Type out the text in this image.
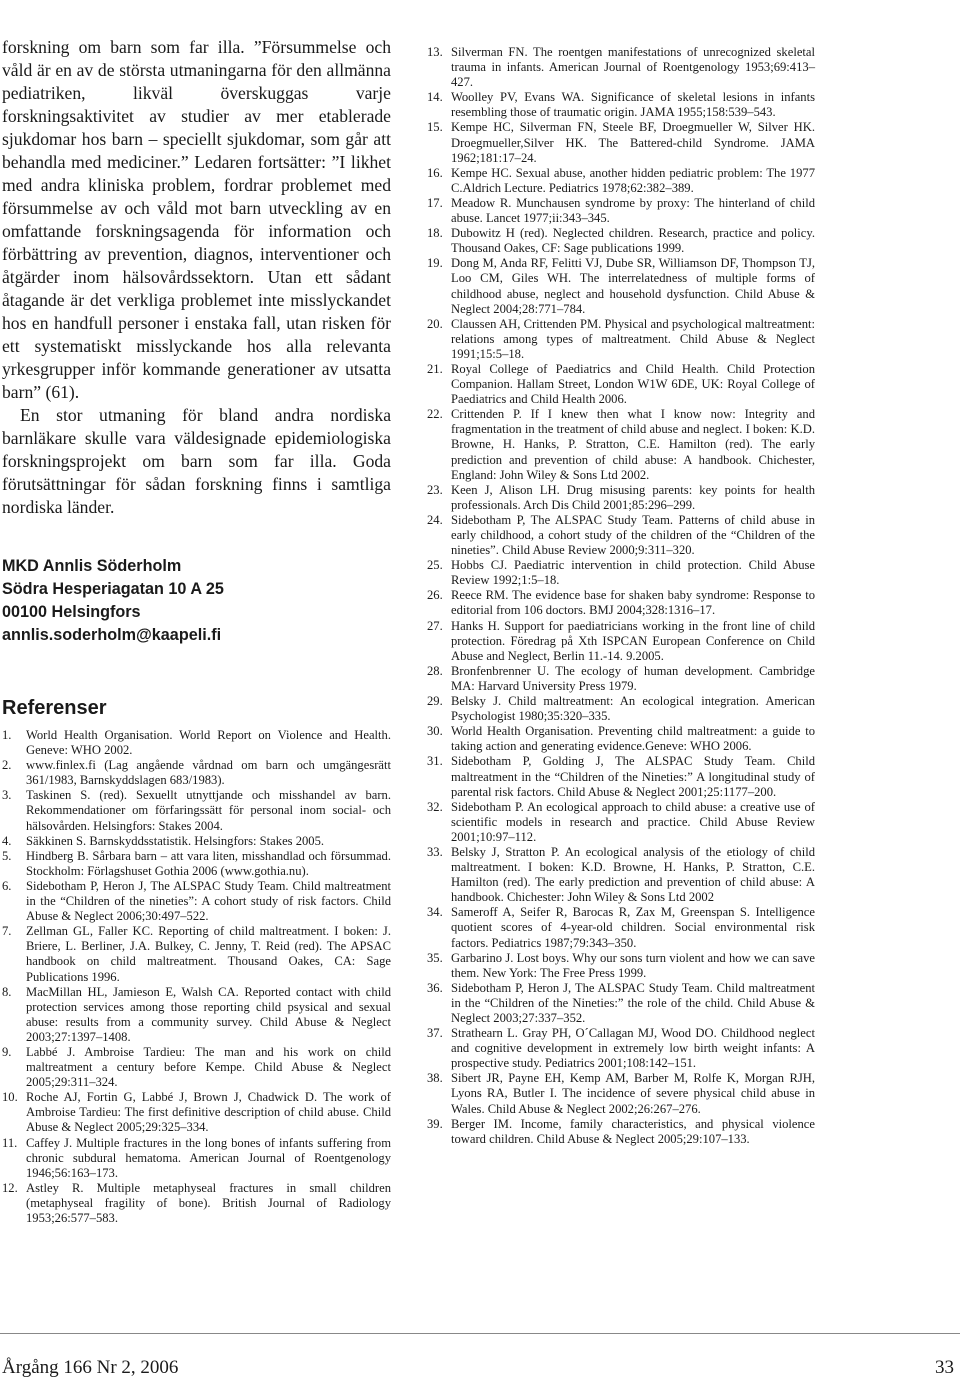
forskning om barn som far illa. ”Försummelse och våld är en av de största utmaningarna för den allmänna pediatriken, likväl överskuggas varje forskningsaktivitet av studier av mer etablerade sjukdomar hos barn – speciellt sjukdomar, som går att behandla med mediciner.” Ledaren fortsätter: ”I likhet med andra kliniska problem, fordrar problemet med försummelse av och våld mot barn utveckling av en omfattande forskningsagenda för information och förbättring av prevention, diagnos, interventioner och åtgärder inom hälsovårdssektorn. Utan ett sådant åtagande är det verkliga problemet inte misslyckandet hos en handfull personer i enstaka fall, utan risken för ett systematiskt misslyckande hos alla relevanta yrkesgrupper inför kommande generationer av utsatta barn” (61).

En stor utmaning för bland andra nordiska barnläkare skulle vara väldesignade epidemiologiska forskningsprojekt om barn som far illa. Goda förutsättningar för sådan forskning finns i samtliga nordiska länder.

MKD Annlis Söderholm
Södra Hesperiagatan 10 A 25
00100 Helsingfors
annlis.soderholm@kaapeli.fi
Referenser
1.	World Health Organisation. World Report on Violence and Health. Geneve: WHO 2002.
2.	www.finlex.fi (Lag angående vårdnad om barn och umgängesrätt 361/1983, Barnskyddslagen 683/1983).
3.	Taskinen S. (red). Sexuellt utnyttjande och misshandel av barn. Rekommendationer om förfaringssätt för personal inom social- och hälsovården. Helsingfors: Stakes 2004.
4.	Säkkinen S. Barnskyddsstatistik. Helsingfors: Stakes 2005.
5.	Hindberg B. Sårbara barn – att vara liten, misshandlad och försummad. Stockholm: Förlagshuset Gothia 2006 (www.gothia.nu).
6.	Sidebotham P, Heron J, The ALSPAC Study Team. Child maltreatment in the “Children of the nineties”: A cohort study of risk factors. Child Abuse & Neglect 2006;30:497–522.
7.	Zellman GL, Faller KC. Reporting of child maltreatment. I boken: J. Briere, L. Berliner, J.A. Bulkey, C. Jenny, T. Reid (red). The APSAC handbook on child maltreatment. Thousand Oakes, CA: Sage Publications 1996.
8.	MacMillan HL, Jamieson E, Walsh CA. Reported contact with child protection services among those reporting child psysical and sexual abuse: results from a community survey. Child Abuse & Neglect 2003;27:1397–1408.
9.	Labbé J. Ambroise Tardieu: The man and his work on child maltreatment a century before Kempe. Child Abuse & Neglect 2005;29:311–324.
10. Roche AJ, Fortin G, Labbé J, Brown J, Chadwick D. The work of Ambroise Tardieu: The first definitive description of child abuse. Child Abuse & Neglect 2005;29:325–334.
11. Caffey J. Multiple fractures in the long bones of infants suffering from chronic subdural hematoma. American Journal of Roentgenology 1946;56:163–173.
12. Astley R. Multiple metaphyseal fractures in small children (metaphyseal fragility of bone). British Journal of Radiology 1953;26:577–583.
13. Silverman FN. The roentgen manifestations of unrecognized skeletal trauma in infants. American Journal of Roentgenology 1953;69:413–427.
14. Woolley PV, Evans WA. Significance of skeletal lesions in infants resembling those of traumatic origin. JAMA 1955;158:539–543.
15. Kempe HC, Silverman FN, Steele BF, Droegmueller W, Silver HK. Droegmueller,Silver HK. The Battered-child Syndrome. JAMA 1962;181:17–24.
16. Kempe HC. Sexual abuse, another hidden pediatric problem: The 1977 C.Aldrich Lecture. Pediatrics 1978;62:382–389.
17. Meadow R. Munchausen syndrome by proxy: The hinterland of child abuse. Lancet 1977;ii:343–345.
18. Dubowitz H (red). Neglected children. Research, practice and policy. Thousand Oakes, CF: Sage publications 1999.
19. Dong M, Anda RF, Felitti VJ, Dube SR, Williamson DF, Thompson TJ, Loo CM, Giles WH. The interrelatedness of multiple forms of childhood abuse, neglect and household dysfunction. Child Abuse & Neglect 2004;28:771–784.
20. Claussen AH, Crittenden PM. Physical and psychological maltreatment: relations among types of maltreatment. Child Abuse & Neglect 1991;15:5–18.
21. Royal College of Paediatrics and Child Health. Child Protection Companion. Hallam Street, London W1W 6DE, UK: Royal College of Paediatrics and Child Health 2006.
22. Crittenden P. If I knew then what I know now: Integrity and fragmentation in the treatment of child abuse and neglect. I boken: K.D. Browne, H. Hanks, P. Stratton, C.E. Hamilton (red). The early prediction and prevention of child abuse: A handbook. Chichester, England: John Wiley & Sons Ltd 2002.
23. Keen J, Alison LH. Drug misusing parents: key points for health professionals. Arch Dis Child 2001;85:296–299.
24. Sidebotham P, The ALSPAC Study Team. Patterns of child abuse in early childhood, a cohort study of the children of the “Children of the nineties”. Child Abuse Review 2000;9:311–320.
25. Hobbs CJ. Paediatric intervention in child protection. Child Abuse Review 1992;1:5–18.
26. Reece RM. The evidence base for shaken baby syndrome: Response to editorial from 106 doctors. BMJ 2004;328:1316–17.
27. Hanks H. Support for paediatricians working in the front line of child protection. Föredrag på Xth ISPCAN European Conference on Child Abuse and Neglect, Berlin 11.-14. 9.2005.
28. Bronfenbrenner U. The ecology of human development. Cambridge MA: Harvard University Press 1979.
29. Belsky J. Child maltreatment: An ecological integration. American Psychologist 1980;35:320–335.
30. World Health Organisation. Preventing child maltreatment: a guide to taking action and generating evidence.Geneve: WHO 2006.
31. Sidebotham P, Golding J, The ALSPAC Study Team. Child maltreatment in the “Children of the Nineties:” A longitudinal study of parental risk factors. Child Abuse & Neglect 2001;25:1177–200.
32. Sidebotham P. An ecological approach to child abuse: a creative use of scientific models in research and practice. Child Abuse Review 2001;10:97–112.
33. Belsky J, Stratton P. An ecological analysis of the etiology of child maltreatment. I boken: K.D. Browne, H. Hanks, P. Stratton, C.E. Hamilton (red). The early prediction and prevention of child abuse: A handbook. Chichester: John Wiley & Sons Ltd 2002
34. Sameroff A, Seifer R, Barocas R, Zax M, Greenspan S. Intelligence quotient scores of 4-year-old children. Social environmental risk factors. Pediatrics 1987;79:343–350.
35. Garbarino J. Lost boys. Why our sons turn violent and how we can save them. New York: The Free Press 1999.
36. Sidebotham P, Heron J, The ALSPAC Study Team. Child maltreatment in the “Children of the Nineties:” the role of the child. Child Abuse & Neglect 2003;27:337–352.
37. Strathearn L. Gray PH, O´Callagan MJ, Wood DO. Childhood neglect and cognitive development in extremely low birth weight infants: A prospective study. Pediatrics 2001;108:142–151.
38. Sibert JR, Payne EH, Kemp AM, Barber M, Rolfe K, Morgan RJH, Lyons RA, Butler I. The incidence of severe physical child abuse in Wales. Child Abuse & Neglect 2002;26:267–276.
39. Berger IM. Income, family characteristics, and physical violence toward children. Child Abuse & Neglect 2005;29:107–133.
Årgång 166 Nr 2, 2006	33
